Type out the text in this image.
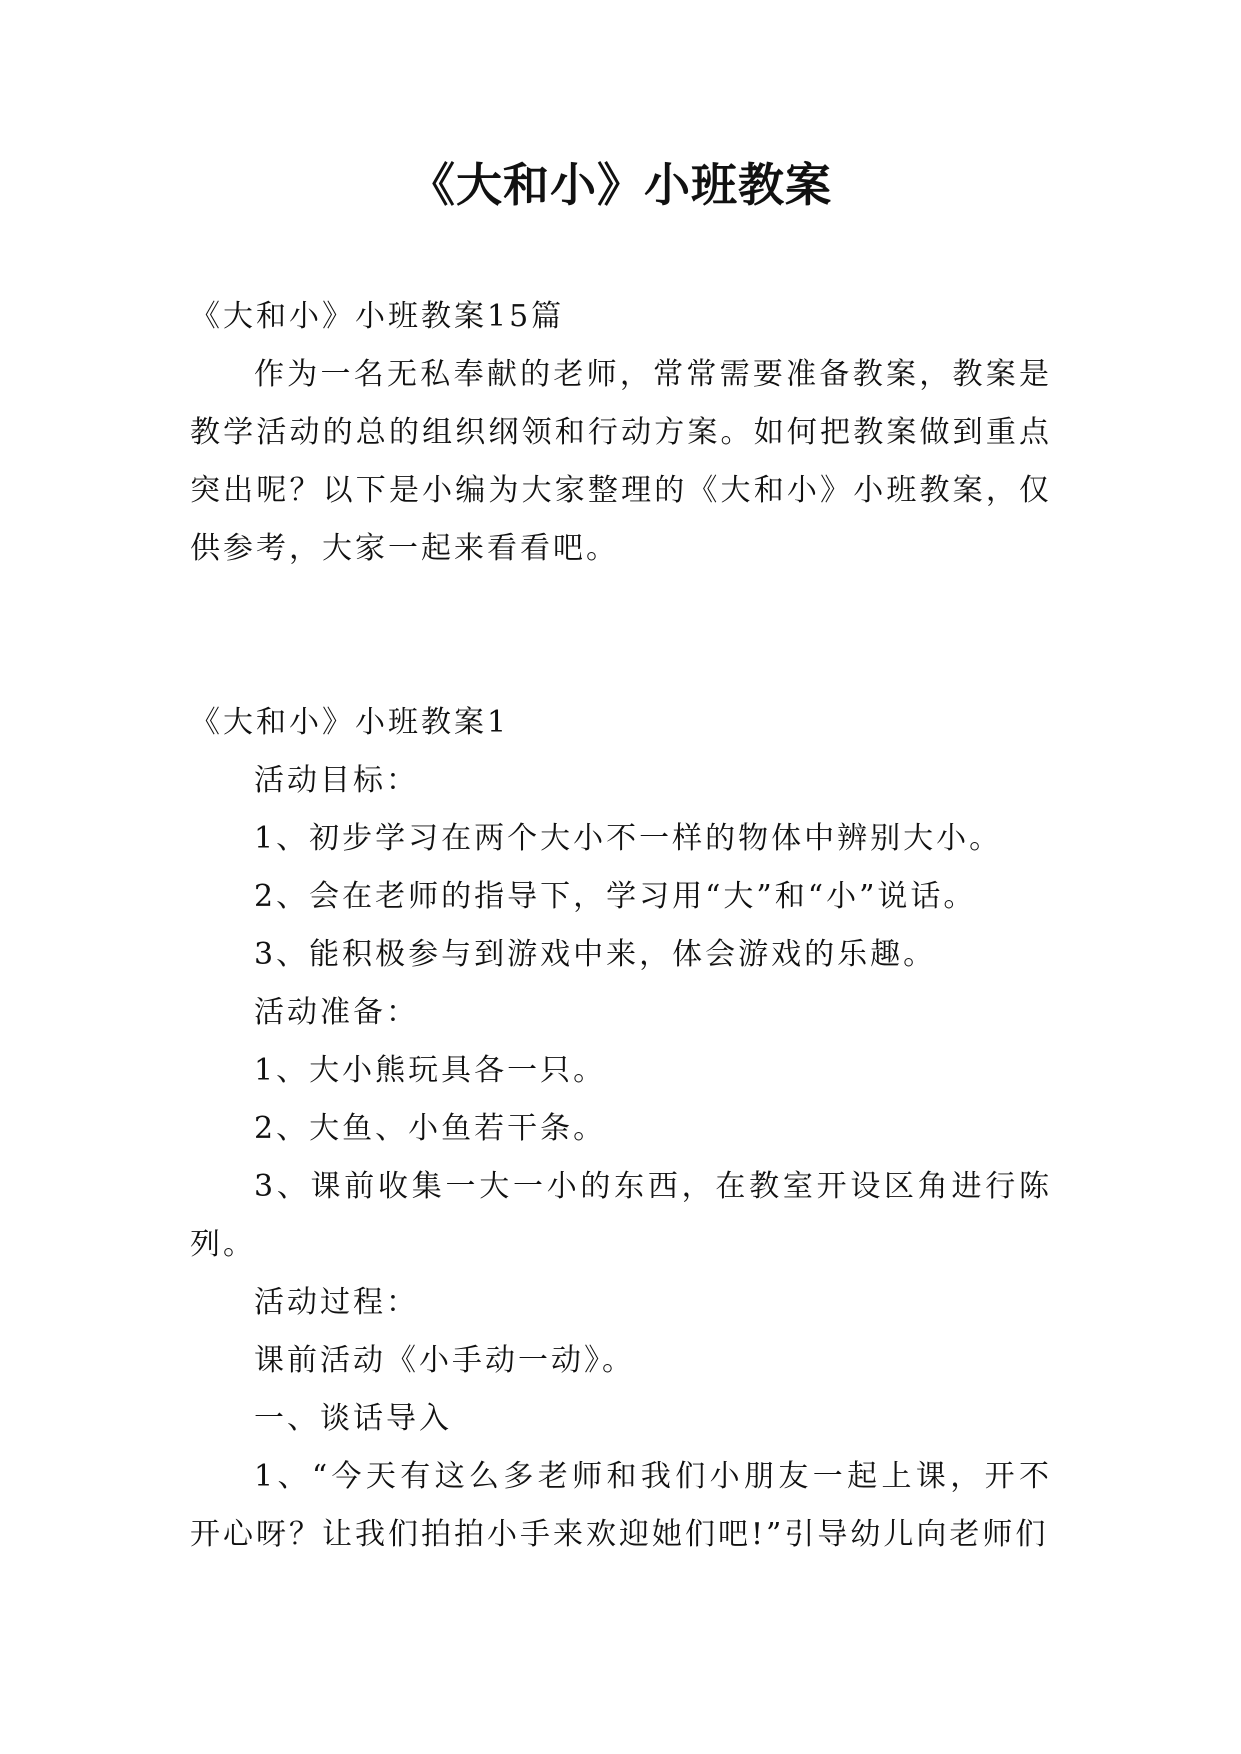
《大和小》小班教案

《大和小》小班教案15篇

作为一名无私奉献的老师，常常需要准备教案，教案是教学活动的总的组织纲领和行动方案。如何把教案做到重点突出呢？以下是小编为大家整理的《大和小》小班教案，仅供参考，大家一起来看看吧。

《大和小》小班教案1

活动目标：

1、初步学习在两个大小不一样的物体中辨别大小。

2、会在老师的指导下，学习用“大”和“小”说话。

3、能积极参与到游戏中来，体会游戏的乐趣。

活动准备：

1、大小熊玩具各一只。

2、大鱼、小鱼若干条。

3、课前收集一大一小的东西，在教室开设区角进行陈列。

活动过程：

课前活动《小手动一动》。

一、谈话导入

1、“今天有这么多老师和我们小朋友一起上课，开不开心呀？让我们拍拍小手来欢迎她们吧!”引导幼儿向老师们
